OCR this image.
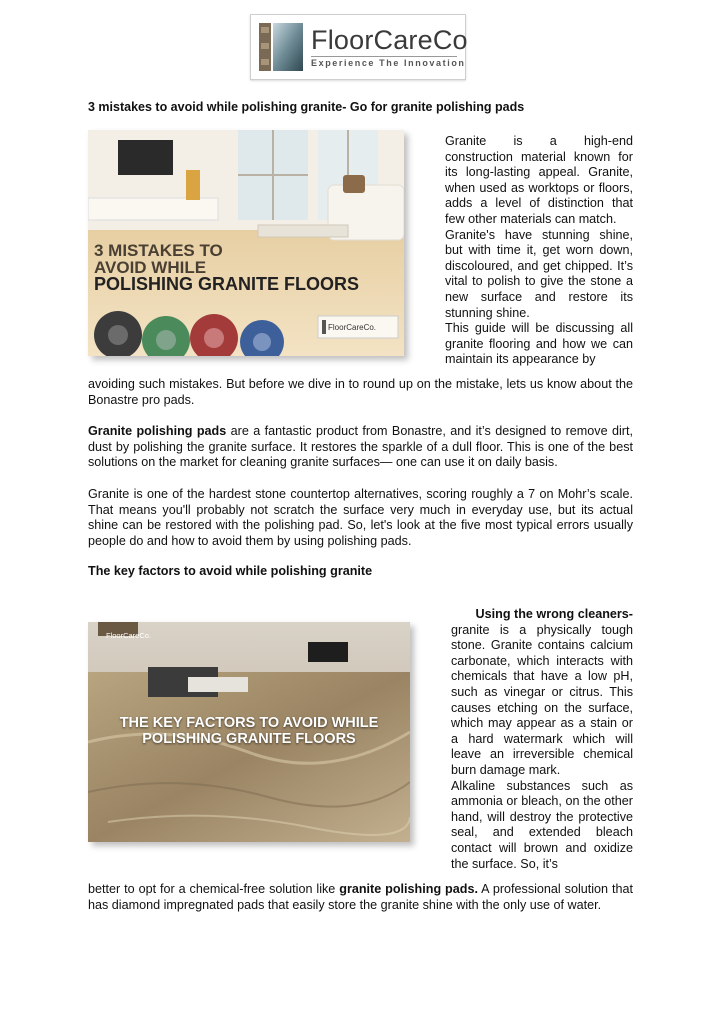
FloorCareCo
Experience The Innovation
3 mistakes to avoid while polishing granite- Go for granite polishing pads
3 MISTAKES TO
AVOID WHILE
POLISHING GRANITE FLOORS
FloorCareCo.

Granite is a high-end construction material known for its long-lasting appeal. Granite, when used as worktops or floors, adds a level of distinction that few other materials can match.

Granite's have stunning shine, but with time it, get worn down, discoloured, and get chipped. It’s vital to polish to give the stone a new surface and restore its stunning shine.

This guide will be discussing all granite flooring and how we can maintain its appearance by

avoiding such mistakes. But before we dive in to round up on the mistake, lets us know about the Bonastre pro pads.

Granite polishing pads are a fantastic product from Bonastre, and it’s designed to remove dirt, dust by polishing the granite surface. It restores the sparkle of a dull floor. This is one of the best solutions on the market for cleaning granite surfaces— one can use it on daily basis.

Granite is one of the hardest stone countertop alternatives, scoring roughly a 7 on Mohr’s scale. That means you'll probably not scratch the surface very much in everyday use, but its actual shine can be restored with the polishing pad. So, let's look at the five most typical errors usually people do and how to avoid them by using polishing pads.

The key factors to avoid while polishing granite
FloorCareCo.
THE KEY FACTORS TO AVOID WHILE
POLISHING GRANITE FLOORS

Using the wrong cleaners-

granite is a physically tough stone. Granite contains calcium carbonate, which interacts with chemicals that have a low pH, such as vinegar or citrus. This causes etching on the surface, which may appear as a stain or a hard watermark which will leave an irreversible chemical burn damage mark.

Alkaline substances such as ammonia or bleach, on the other hand, will destroy the protective seal, and extended bleach contact will brown and oxidize the surface. So, it’s

better to opt for a chemical-free solution like granite polishing pads. A professional solution that has diamond impregnated pads that easily store the granite shine with the only use of water.
